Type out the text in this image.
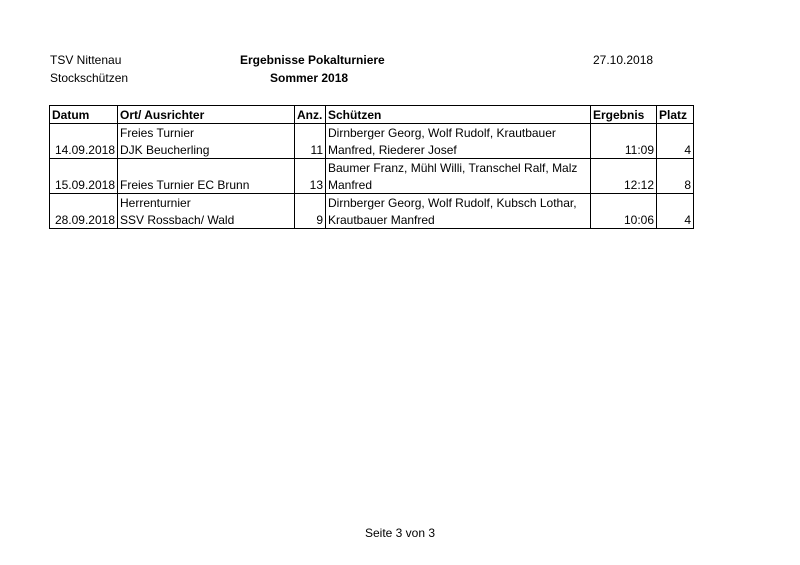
TSV Nittenau
Stockschützen
Ergebnisse Pokalturniere
Sommer 2018
27.10.2018
Datum	Ort/ Ausrichter	Anz.	Schützen	Ergebnis	Platz
	Freies Turnier		Dirnberger Georg, Wolf Rudolf, Krautbauer		
14.09.2018	DJK Beucherling	11	Manfred, Riederer Josef	11:09	4
			Baumer Franz, Mühl Willi, Transchel Ralf, Malz		
15.09.2018	Freies Turnier EC Brunn	13	Manfred	12:12	8
	Herrenturnier		Dirnberger Georg, Wolf Rudolf, Kubsch Lothar,		
28.09.2018	SSV Rossbach/ Wald	9	Krautbauer Manfred	10:06	4
Seite 3 von 3
